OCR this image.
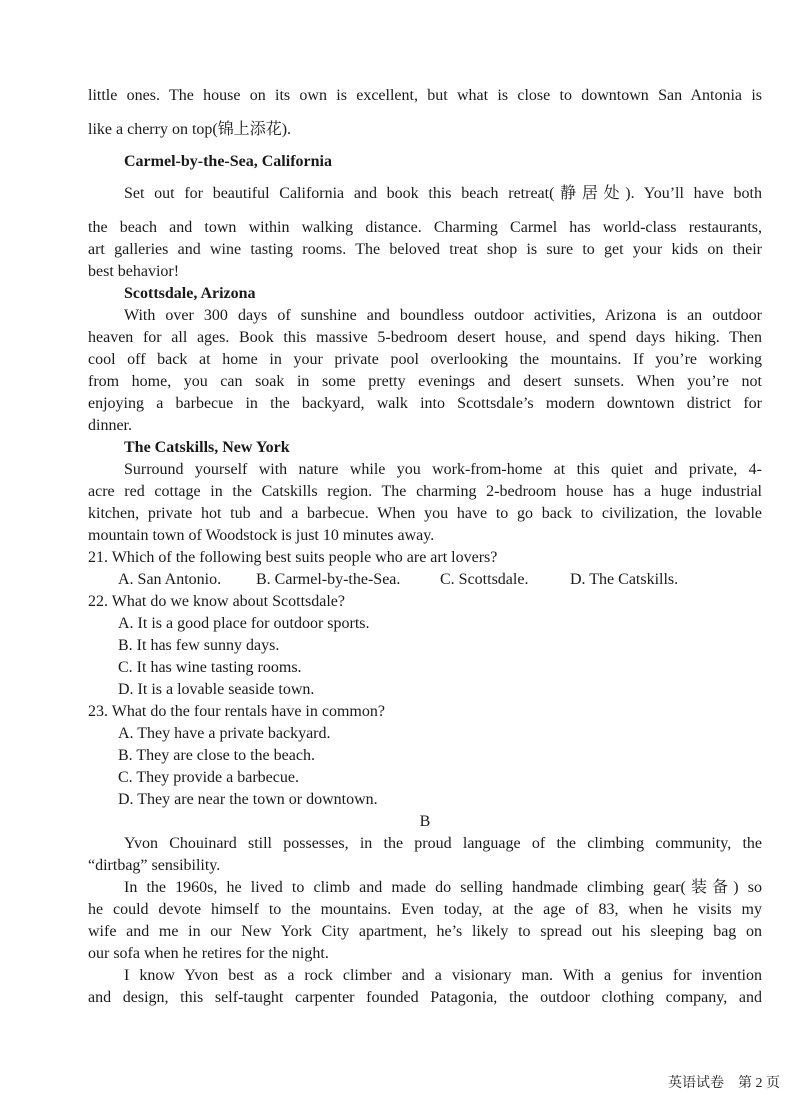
little ones. The house on its own is excellent, but what is close to downtown San Antonia is
like a cherry on top(锦上添花).
Carmel-by-the-Sea, California
Set out for beautiful California and book this beach retreat(静居处). You’ll have both
the beach and town within walking distance. Charming Carmel has world-class restaurants,
art galleries and wine tasting rooms. The beloved treat shop is sure to get your kids on their
best behavior!
Scottsdale, Arizona
With over 300 days of sunshine and boundless outdoor activities, Arizona is an outdoor
heaven for all ages. Book this massive 5-bedroom desert house, and spend days hiking. Then
cool off back at home in your private pool overlooking the mountains. If you’re working
from home, you can soak in some pretty evenings and desert sunsets. When you’re not
enjoying a barbecue in the backyard, walk into Scottsdale’s modern downtown district for
dinner.
The Catskills, New York
Surround yourself with nature while you work-from-home at this quiet and private, 4-
acre red cottage in the Catskills region. The charming 2-bedroom house has a huge industrial
kitchen, private hot tub and a barbecue. When you have to go back to civilization, the lovable
mountain town of Woodstock is just 10 minutes away.
21. Which of the following best suits people who are art lovers?
A. San Antonio. B. Carmel-by-the-Sea. C. Scottsdale.	D. The Catskills.
22. What do we know about Scottsdale?
A. It is a good place for outdoor sports.
B. It has few sunny days.
C. It has wine tasting rooms.
D. It is a lovable seaside town.
23. What do the four rentals have in common?
A. They have a private backyard.
B. They are close to the beach.
C. They provide a barbecue.
D. They are near the town or downtown.
B
Yvon Chouinard still possesses, in the proud language of the climbing community, the
“dirtbag” sensibility.
In the 1960s, he lived to climb and made do selling handmade climbing gear(装备) so
he could devote himself to the mountains. Even today, at the age of 83, when he visits my
wife and me in our New York City apartment, he’s likely to spread out his sleeping bag on
our sofa when he retires for the night.
I know Yvon best as a rock climber and a visionary man. With a genius for invention
and design, this self-taught carpenter founded Patagonia, the outdoor clothing company, and
英语试卷　第 2 页
